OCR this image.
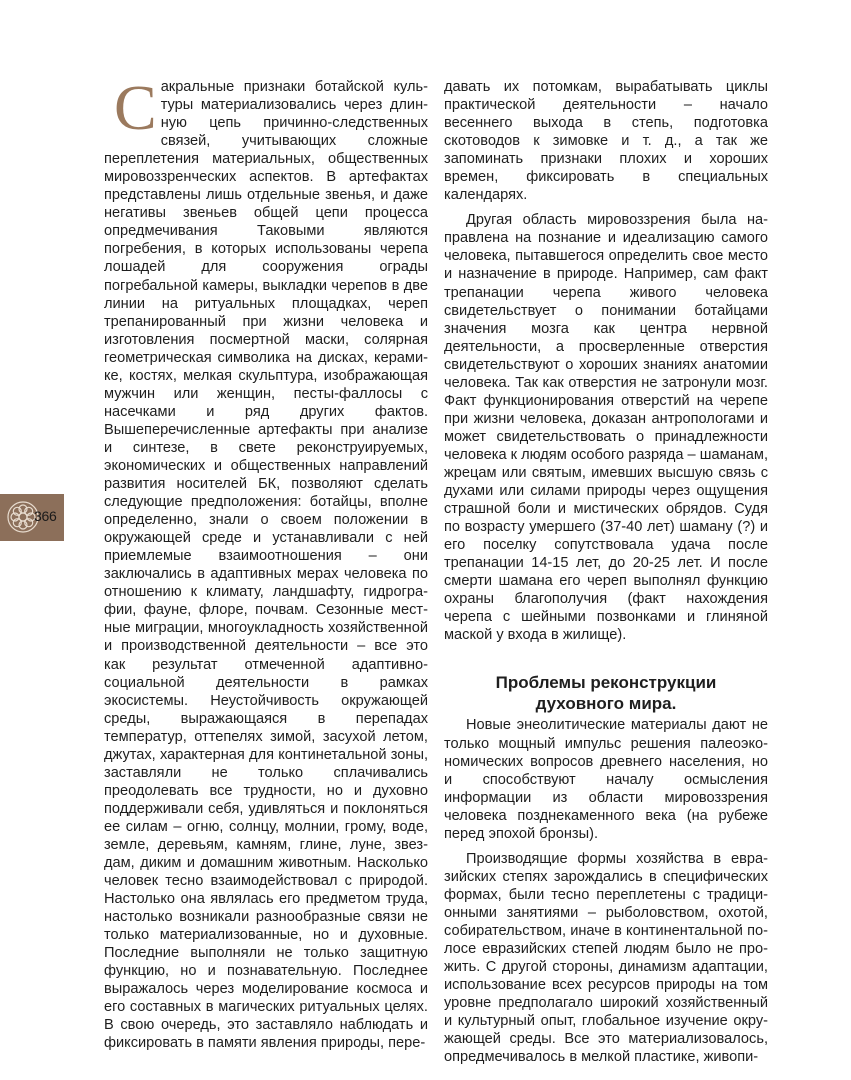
366

Сакральные признаки ботайской культуры материализовались через длинную цепь причинно-следственных связей, учитывающих сложные переплетения материальных, общественных мировоззренческих аспектов. В артефактах представлены лишь отдельные звенья, и даже негативы звеньев общей цепи процесса опредмечивания Таковыми являются погребения, в которых использованы черепа лошадей для сооружения ограды погребальной камеры, выкладки черепов в две линии на ритуальных площадках, череп трепанированный при жизни человека и изготовления посмертной маски, солярная геометрическая символика на дисках, керамике, костях, мелкая скульптура, изображающая мужчин или женщин, песты-фаллосы с насечками и ряд других фактов. Вышеперечисленные артефакты при анализе и синтезе, в свете реконструируемых, экономических и общественных направлений развития носителей БК, позволяют сделать следующие предположения: ботайцы, вполне определенно, знали о своем положении в окружающей среде и устанавливали с ней приемлемые взаимоотношения – они заключались в адаптивных мерах человека по отношению к климату, ландшафту, гидрографии, фауне, флоре, почвам. Сезонные местные миграции, многоукладность хозяйственной и производственной деятельности – все это как результат отмеченной адаптивно-социальной деятельности в рамках экосистемы. Неустойчивость окружающей среды, выражающаяся в перепадах температур, оттепелях зимой, засухой летом, джутах, характерная для континетальной зоны, заставляли не только сплачивались преодолевать все трудности, но и духовно поддерживали себя, удивляться и поклоняться ее силам – огню, солнцу, молнии, грому, воде, земле, деревьям, камням, глине, луне, звездам, диким и домашним животным. Насколько человек тесно взаимодействовал с природой. Настолько она являлась его предметом труда, настолько возникали разнообразные связи не только материализованные, но и духовные. Последние выполняли не только защитную функцию, но и познавательную. Последнее выражалось через моделирование космоса и его составных в магических ритуальных целях. В свою очередь, это заставляло наблюдать и фиксировать в памяти явления природы, пере-

давать их потомкам, вырабатывать циклы практической деятельности – начало весеннего выхода в степь, подготовка скотоводов к зимовке и т. д., а так же запоминать признаки плохих и хороших времен, фиксировать в специальных календарях.

Другая область мировоззрения была направлена на познание и идеализацию самого человека, пытавшегося определить свое место и назначение в природе. Например, сам факт трепанации черепа живого человека свидетельствует о понимании ботайцами значения мозга как центра нервной деятельности, а просверленные отверстия свидетельствуют о хороших знаниях анатомии человека. Так как отверстия не затронули мозг. Факт функционирования отверстий на черепе при жизни человека, доказан антропологами и может свидетельствовать о принадлежности человека к людям особого разряда – шаманам, жрецам или святым, имевших высшую связь с духами или силами природы через ощущения страшной боли и мистических обрядов. Судя по возрасту умершего (37-40 лет) шаману (?) и его поселку сопутствовала удача после трепанации 14-15 лет, до 20-25 лет. И после смерти шамана его череп выполнял функцию охраны благополучия (факт нахождения черепа с шейными позвонками и глиняной маской у входа в жилище).

Проблемы реконструкции
духовного мира.

Новые энеолитические материалы дают не только мощный импульс решения палеоэкономических вопросов древнего населения, но и способствуют началу осмысления информации из области мировоззрения человека позднекаменного века (на рубеже перед эпохой бронзы).

Производящие формы хозяйства в евразийских степях зарождались в специфических формах, были тесно переплетены с традиционными занятиями – рыболовством, охотой, собирательством, иначе в континентальной полосе евразийских степей людям было не прожить. С другой стороны, динамизм адаптации, использование всех ресурсов природы на том уровне предполагало широкий хозяйственный и культурный опыт, глобальное изучение окружающей среды. Все это материализовалось, опредмечивалось в мелкой пластике, живопи-
